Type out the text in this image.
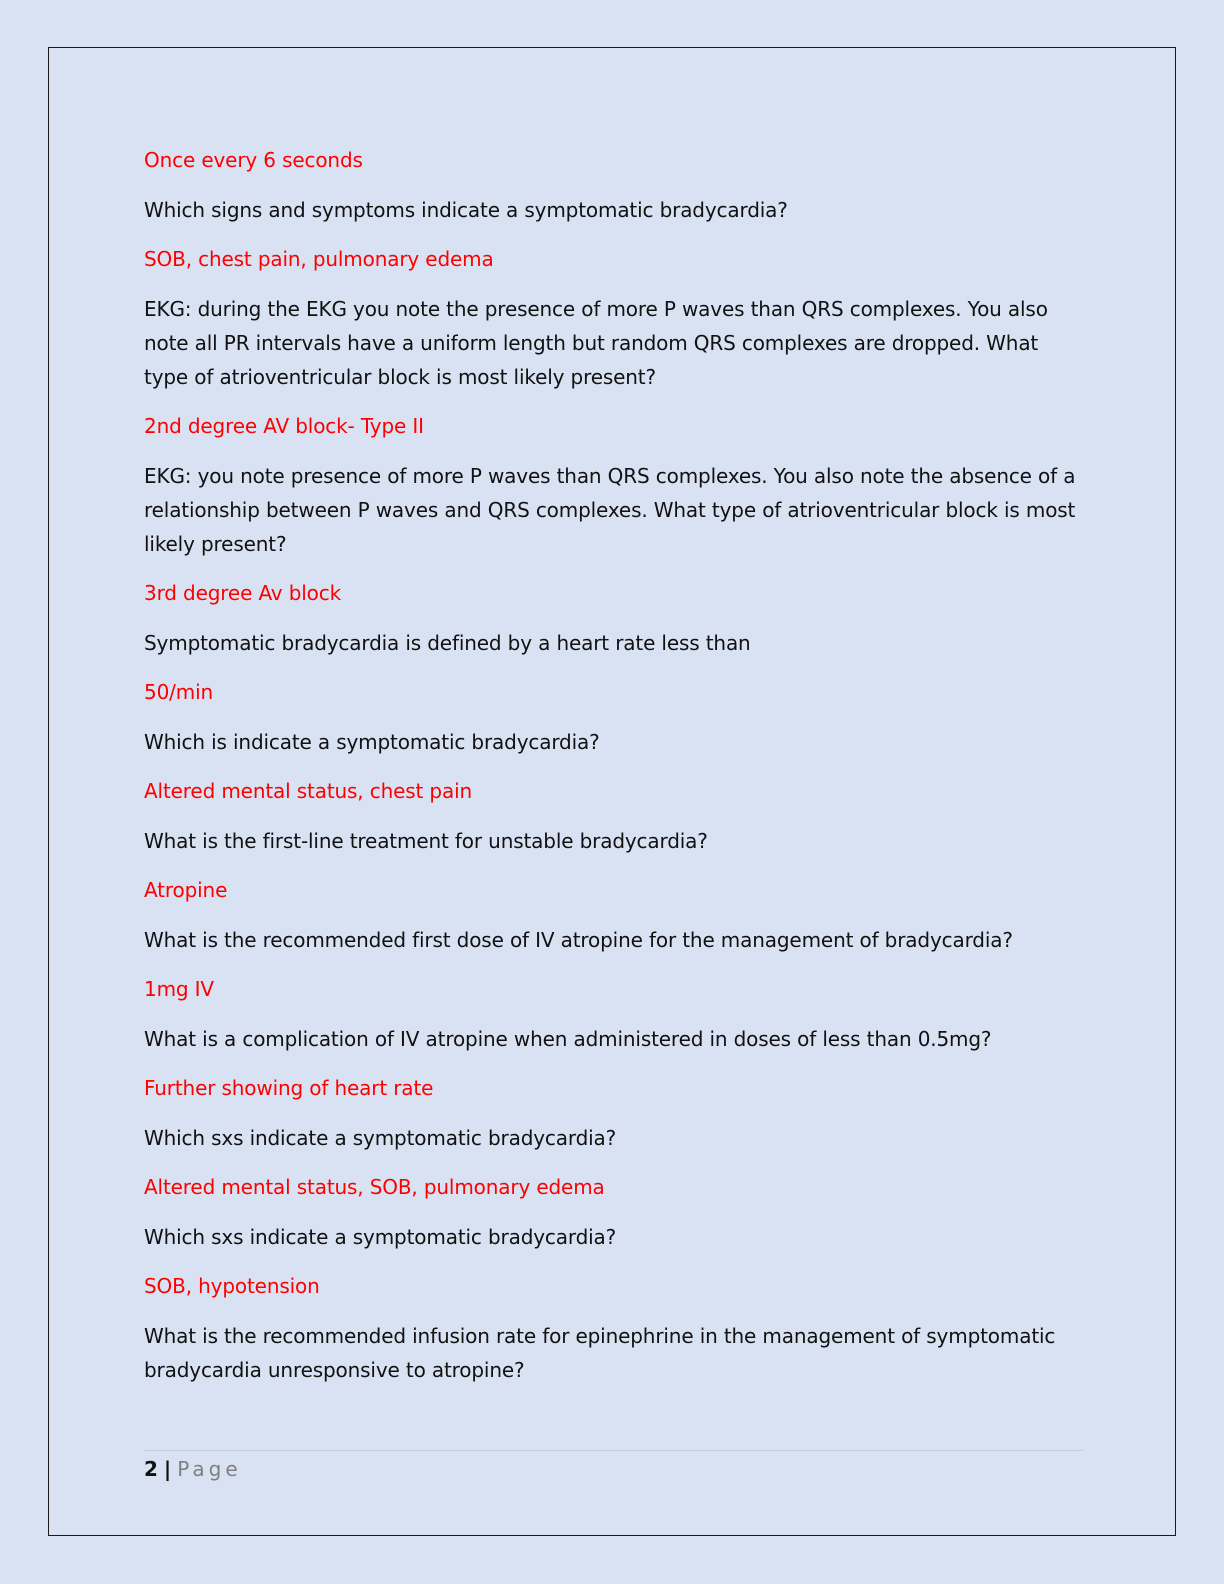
Once every 6 seconds

Which signs and symptoms indicate a symptomatic bradycardia?

SOB, chest pain, pulmonary edema

EKG: during the EKG you note the presence of more P waves than QRS complexes. You also note all PR intervals have a uniform length but random QRS complexes are dropped. What type of atrioventricular block is most likely present?

2nd degree AV block- Type II

EKG: you note presence of more P waves than QRS complexes. You also note the absence of a relationship between P waves and QRS complexes. What type of atrioventricular block is most likely present?

3rd degree Av block

Symptomatic bradycardia is defined by a heart rate less than

50/min

Which is indicate a symptomatic bradycardia?

Altered mental status, chest pain

What is the first-line treatment for unstable bradycardia?

Atropine

What is the recommended first dose of IV atropine for the management of bradycardia?

1mg IV

What is a complication of IV atropine when administered in doses of less than 0.5mg?

Further showing of heart rate

Which sxs indicate a symptomatic bradycardia?

Altered mental status, SOB, pulmonary edema

Which sxs indicate a symptomatic bradycardia?

SOB, hypotension

What is the recommended infusion rate for epinephrine in the management of symptomatic bradycardia unresponsive to atropine?

2 | Page
